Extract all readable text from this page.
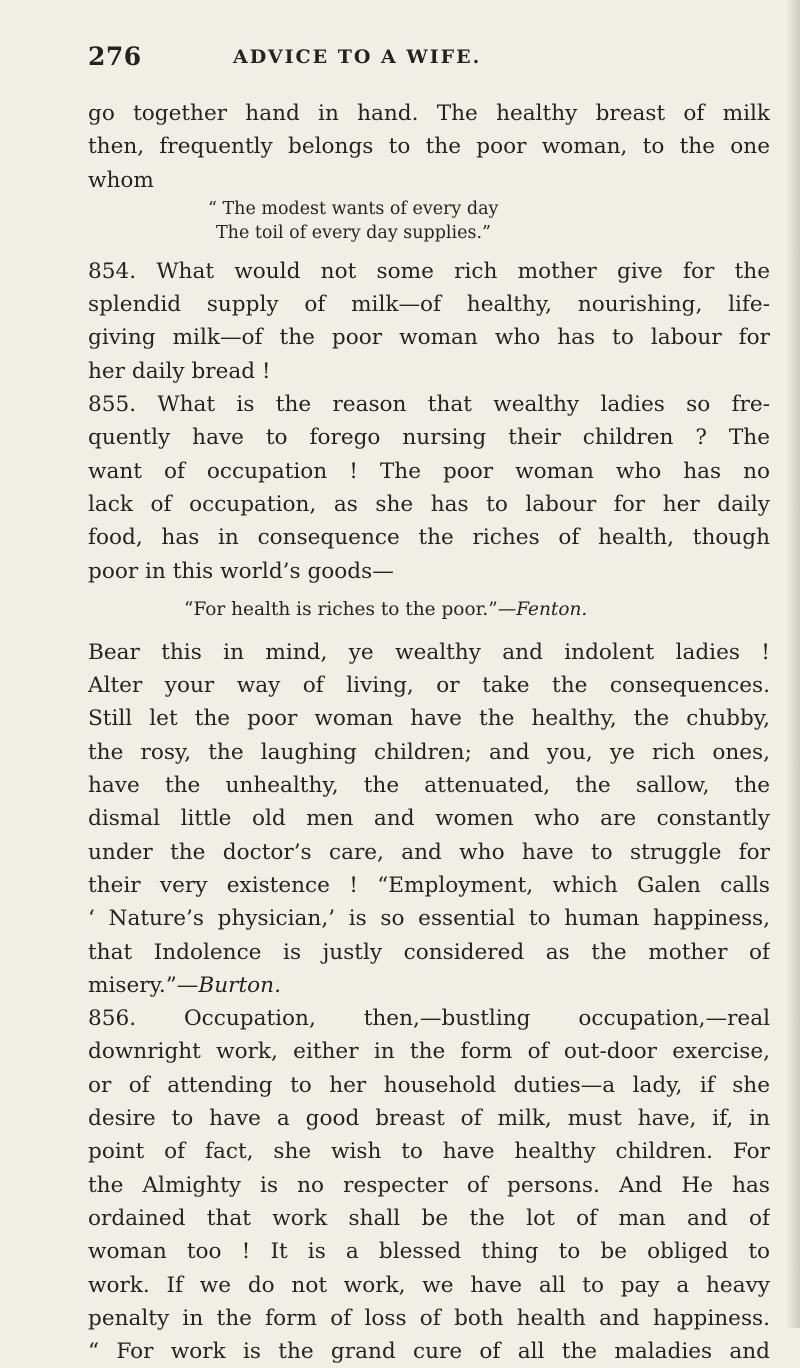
276	ADVICE TO A WIFE.
go together hand in hand. The healthy breast of milk
then, frequently belongs to the poor woman, to the one
whom
“ The modest wants of every day
The toil of every day supplies.”
854. What would not some rich mother give for the
splendid supply of milk—of healthy, nourishing, life-
giving milk—of the poor woman who has to labour for
her daily bread !
855. What is the reason that wealthy ladies so fre-
quently have to forego nursing their children ? The
want of occupation ! The poor woman who has no
lack of occupation, as she has to labour for her daily
food, has in consequence the riches of health, though
poor in this world’s goods—
“For health is riches to the poor.”—Fenton.
Bear this in mind, ye wealthy and indolent ladies !
Alter your way of living, or take the consequences.
Still let the poor woman have the healthy, the chubby,
the rosy, the laughing children; and you, ye rich ones,
have the unhealthy, the attenuated, the sallow, the
dismal little old men and women who are constantly
under the doctor’s care, and who have to struggle for
their very existence ! “Employment, which Galen calls
‘ Nature’s physician,’ is so essential to human happiness,
that Indolence is justly considered as the mother of
misery.”—Burton.
856. Occupation, then,—bustling occupation,—real
downright work, either in the form of out-door exercise,
or of attending to her household duties—a lady, if she
desire to have a good breast of milk, must have, if, in
point of fact, she wish to have healthy children. For
the Almighty is no respecter of persons. And He has
ordained that work shall be the lot of man and of
woman too ! It is a blessed thing to be obliged to
work. If we do not work, we have all to pay a heavy
penalty in the form of loss of both health and happiness.
“ For work is the grand cure of all the maladies and
